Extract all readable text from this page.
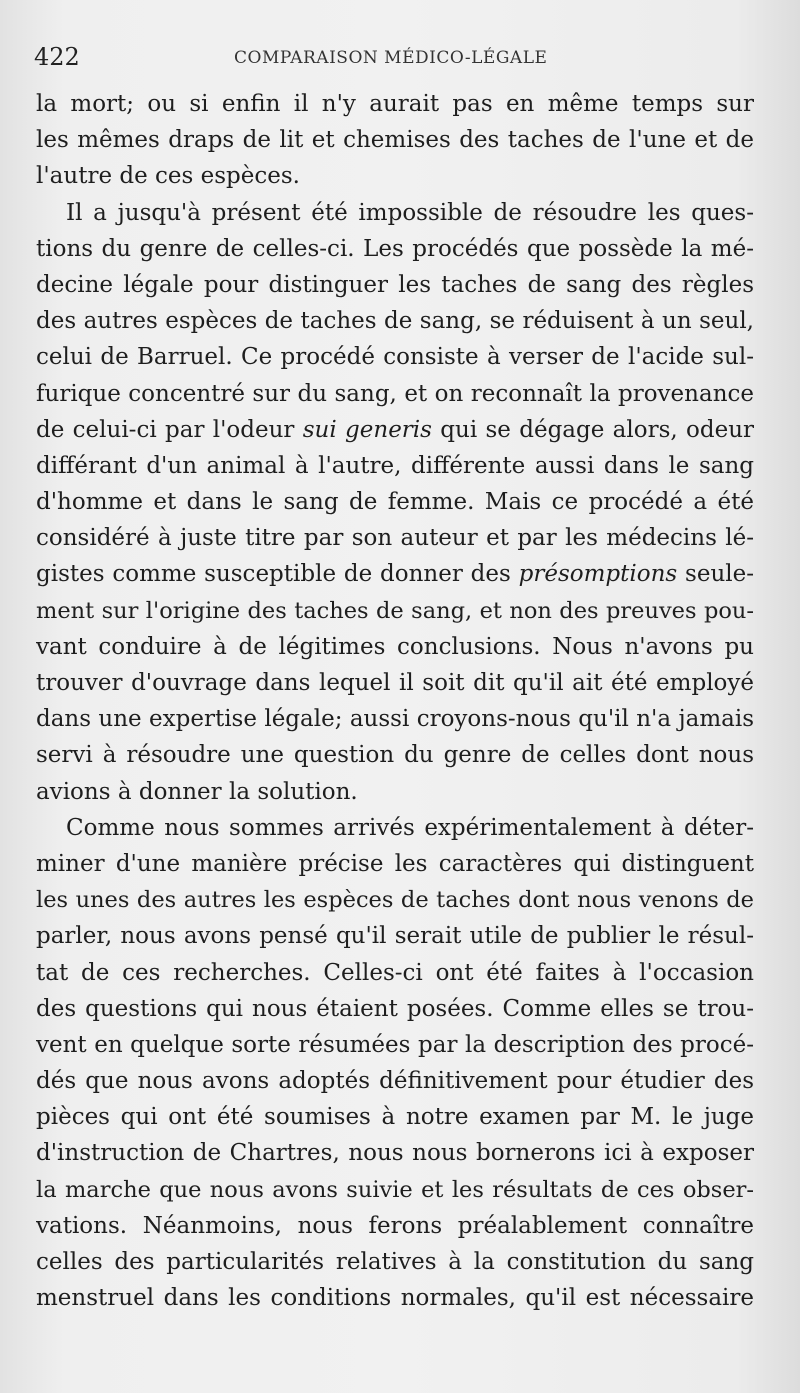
422	COMPARAISON MÉDICO-LÉGALE
la mort; ou si enfin il n'y aurait pas en même temps sur
les mêmes draps de lit et chemises des taches de l'une et de
l'autre de ces espèces.
Il a jusqu'à présent été impossible de résoudre les ques-
tions du genre de celles-ci. Les procédés que possède la mé-
decine légale pour distinguer les taches de sang des règles
des autres espèces de taches de sang, se réduisent à un seul,
celui de Barruel. Ce procédé consiste à verser de l'acide sul-
furique concentré sur du sang, et on reconnaît la provenance
de celui-ci par l'odeur sui generis qui se dégage alors, odeur
différant d'un animal à l'autre, différente aussi dans le sang
d'homme et dans le sang de femme. Mais ce procédé a été
considéré à juste titre par son auteur et par les médecins lé-
gistes comme susceptible de donner des présomptions seule-
ment sur l'origine des taches de sang, et non des preuves pou-
vant conduire à de légitimes conclusions. Nous n'avons pu
trouver d'ouvrage dans lequel il soit dit qu'il ait été employé
dans une expertise légale; aussi croyons-nous qu'il n'a jamais
servi à résoudre une question du genre de celles dont nous
avions à donner la solution.
Comme nous sommes arrivés expérimentalement à déter-
miner d'une manière précise les caractères qui distinguent
les unes des autres les espèces de taches dont nous venons de
parler, nous avons pensé qu'il serait utile de publier le résul-
tat de ces recherches. Celles-ci ont été faites à l'occasion
des questions qui nous étaient posées. Comme elles se trou-
vent en quelque sorte résumées par la description des procé-
dés que nous avons adoptés définitivement pour étudier des
pièces qui ont été soumises à notre examen par M. le juge
d'instruction de Chartres, nous nous bornerons ici à exposer
la marche que nous avons suivie et les résultats de ces obser-
vations. Néanmoins, nous ferons préalablement connaître
celles des particularités relatives à la constitution du sang
menstruel dans les conditions normales, qu'il est nécessaire
